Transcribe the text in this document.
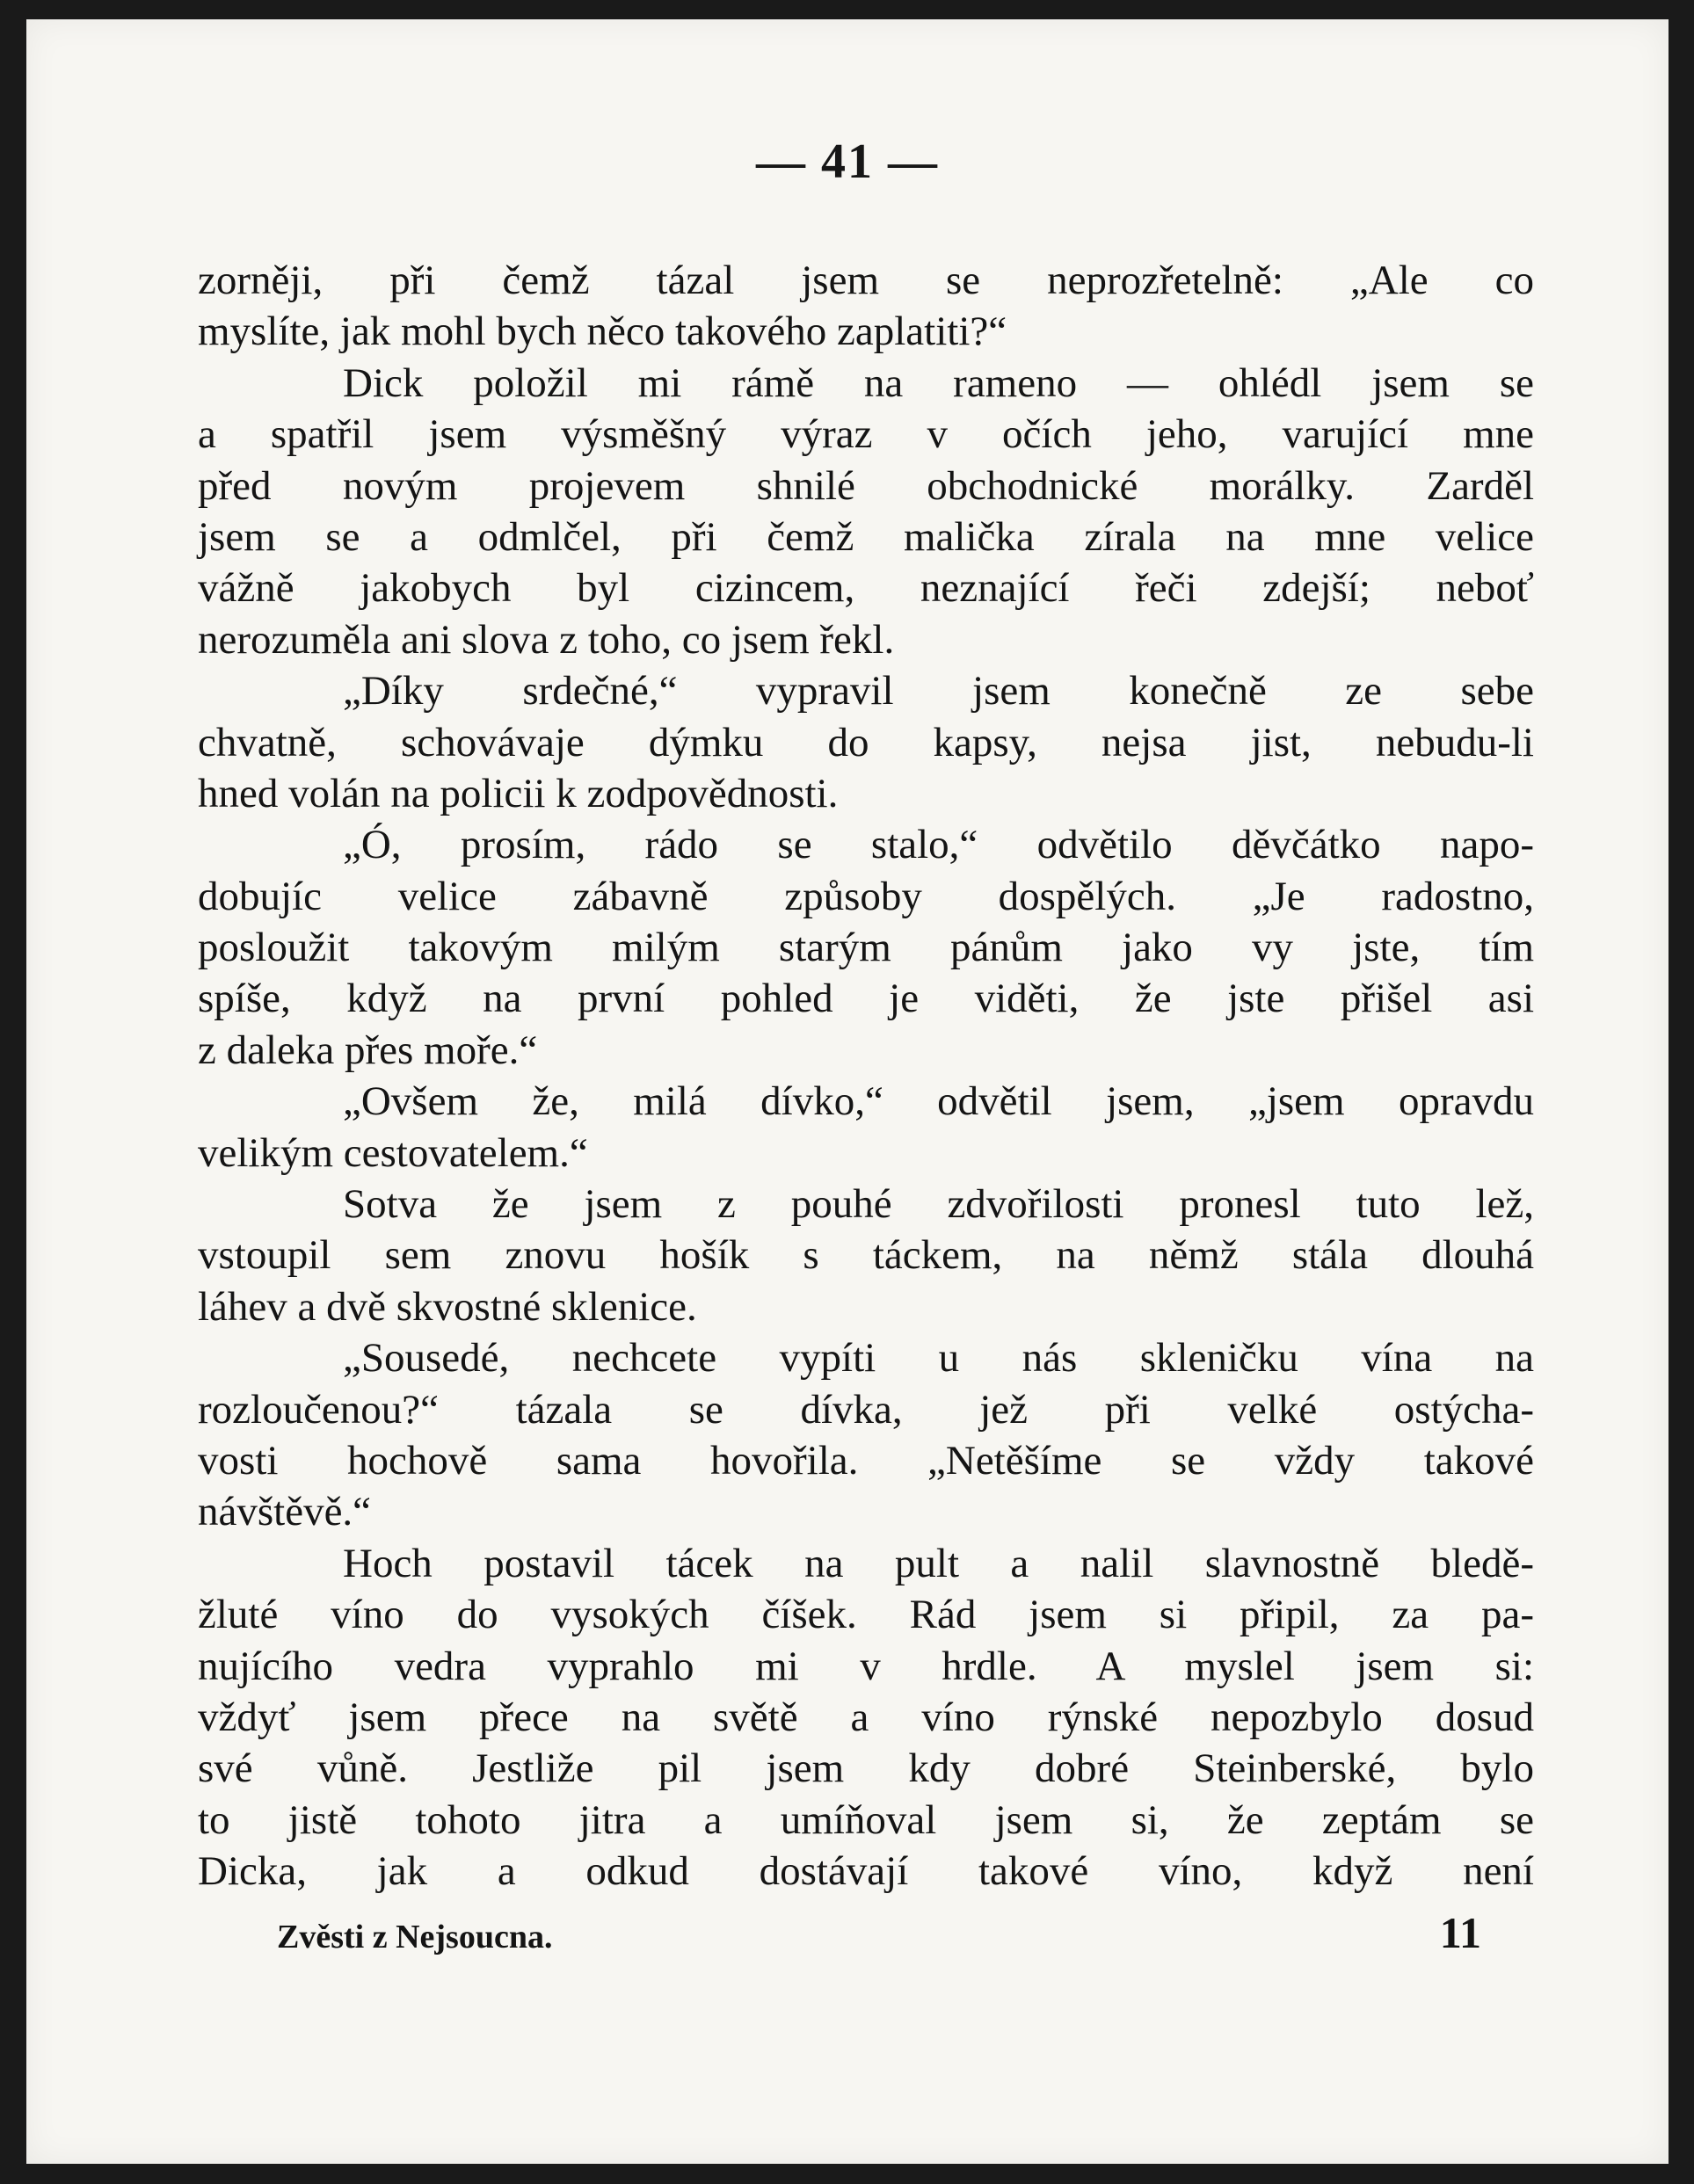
— 41 —
zorněji, při čemž tázal jsem se neprozřetelně: „Ale co
myslíte, jak mohl bych něco takového zaplatiti?“
Dick položil mi rámě na rameno — ohlédl jsem se
a spatřil jsem výsměšný výraz v očích jeho, varující mne
před novým projevem shnilé obchodnické morálky. Zarděl
jsem se a odmlčel, při čemž malička zírala na mne velice
vážně jakobych byl cizincem, neznající řeči zdejší; neboť
nerozuměla ani slova z toho, co jsem řekl.
„Díky srdečné,“ vypravil jsem konečně ze sebe
chvatně, schovávaje dýmku do kapsy, nejsa jist, nebudu-li
hned volán na policii k zodpovědnosti.
„Ó, prosím, rádo se stalo,“ odvětilo děvčátko napo-
dobujíc velice zábavně způsoby dospělých. „Je radostno,
posloužit takovým milým starým pánům jako vy jste, tím
spíše, když na první pohled je viděti, že jste přišel asi
z daleka přes moře.“
„Ovšem že, milá dívko,“ odvětil jsem, „jsem opravdu
velikým cestovatelem.“
Sotva že jsem z pouhé zdvořilosti pronesl tuto lež,
vstoupil sem znovu hošík s táckem, na němž stála dlouhá
láhev a dvě skvostné sklenice.
„Sousedé, nechcete vypíti u nás skleničku vína na
rozloučenou?“ tázala se dívka, jež při velké ostýcha-
vosti hochově sama hovořila. „Netěšíme se vždy takové
návštěvě.“
Hoch postavil tácek na pult a nalil slavnostně bledě-
žluté víno do vysokých číšek. Rád jsem si připil, za pa-
nujícího vedra vyprahlo mi v hrdle. A myslel jsem si:
vždyť jsem přece na světě a víno rýnské nepozbylo dosud
své vůně. Jestliže pil jsem kdy dobré Steinberské, bylo
to jistě tohoto jitra a umíňoval jsem si, že zeptám se
Dicka, jak a odkud dostávají takové víno, když není
Zvěsti z Nejsoucna.	11
